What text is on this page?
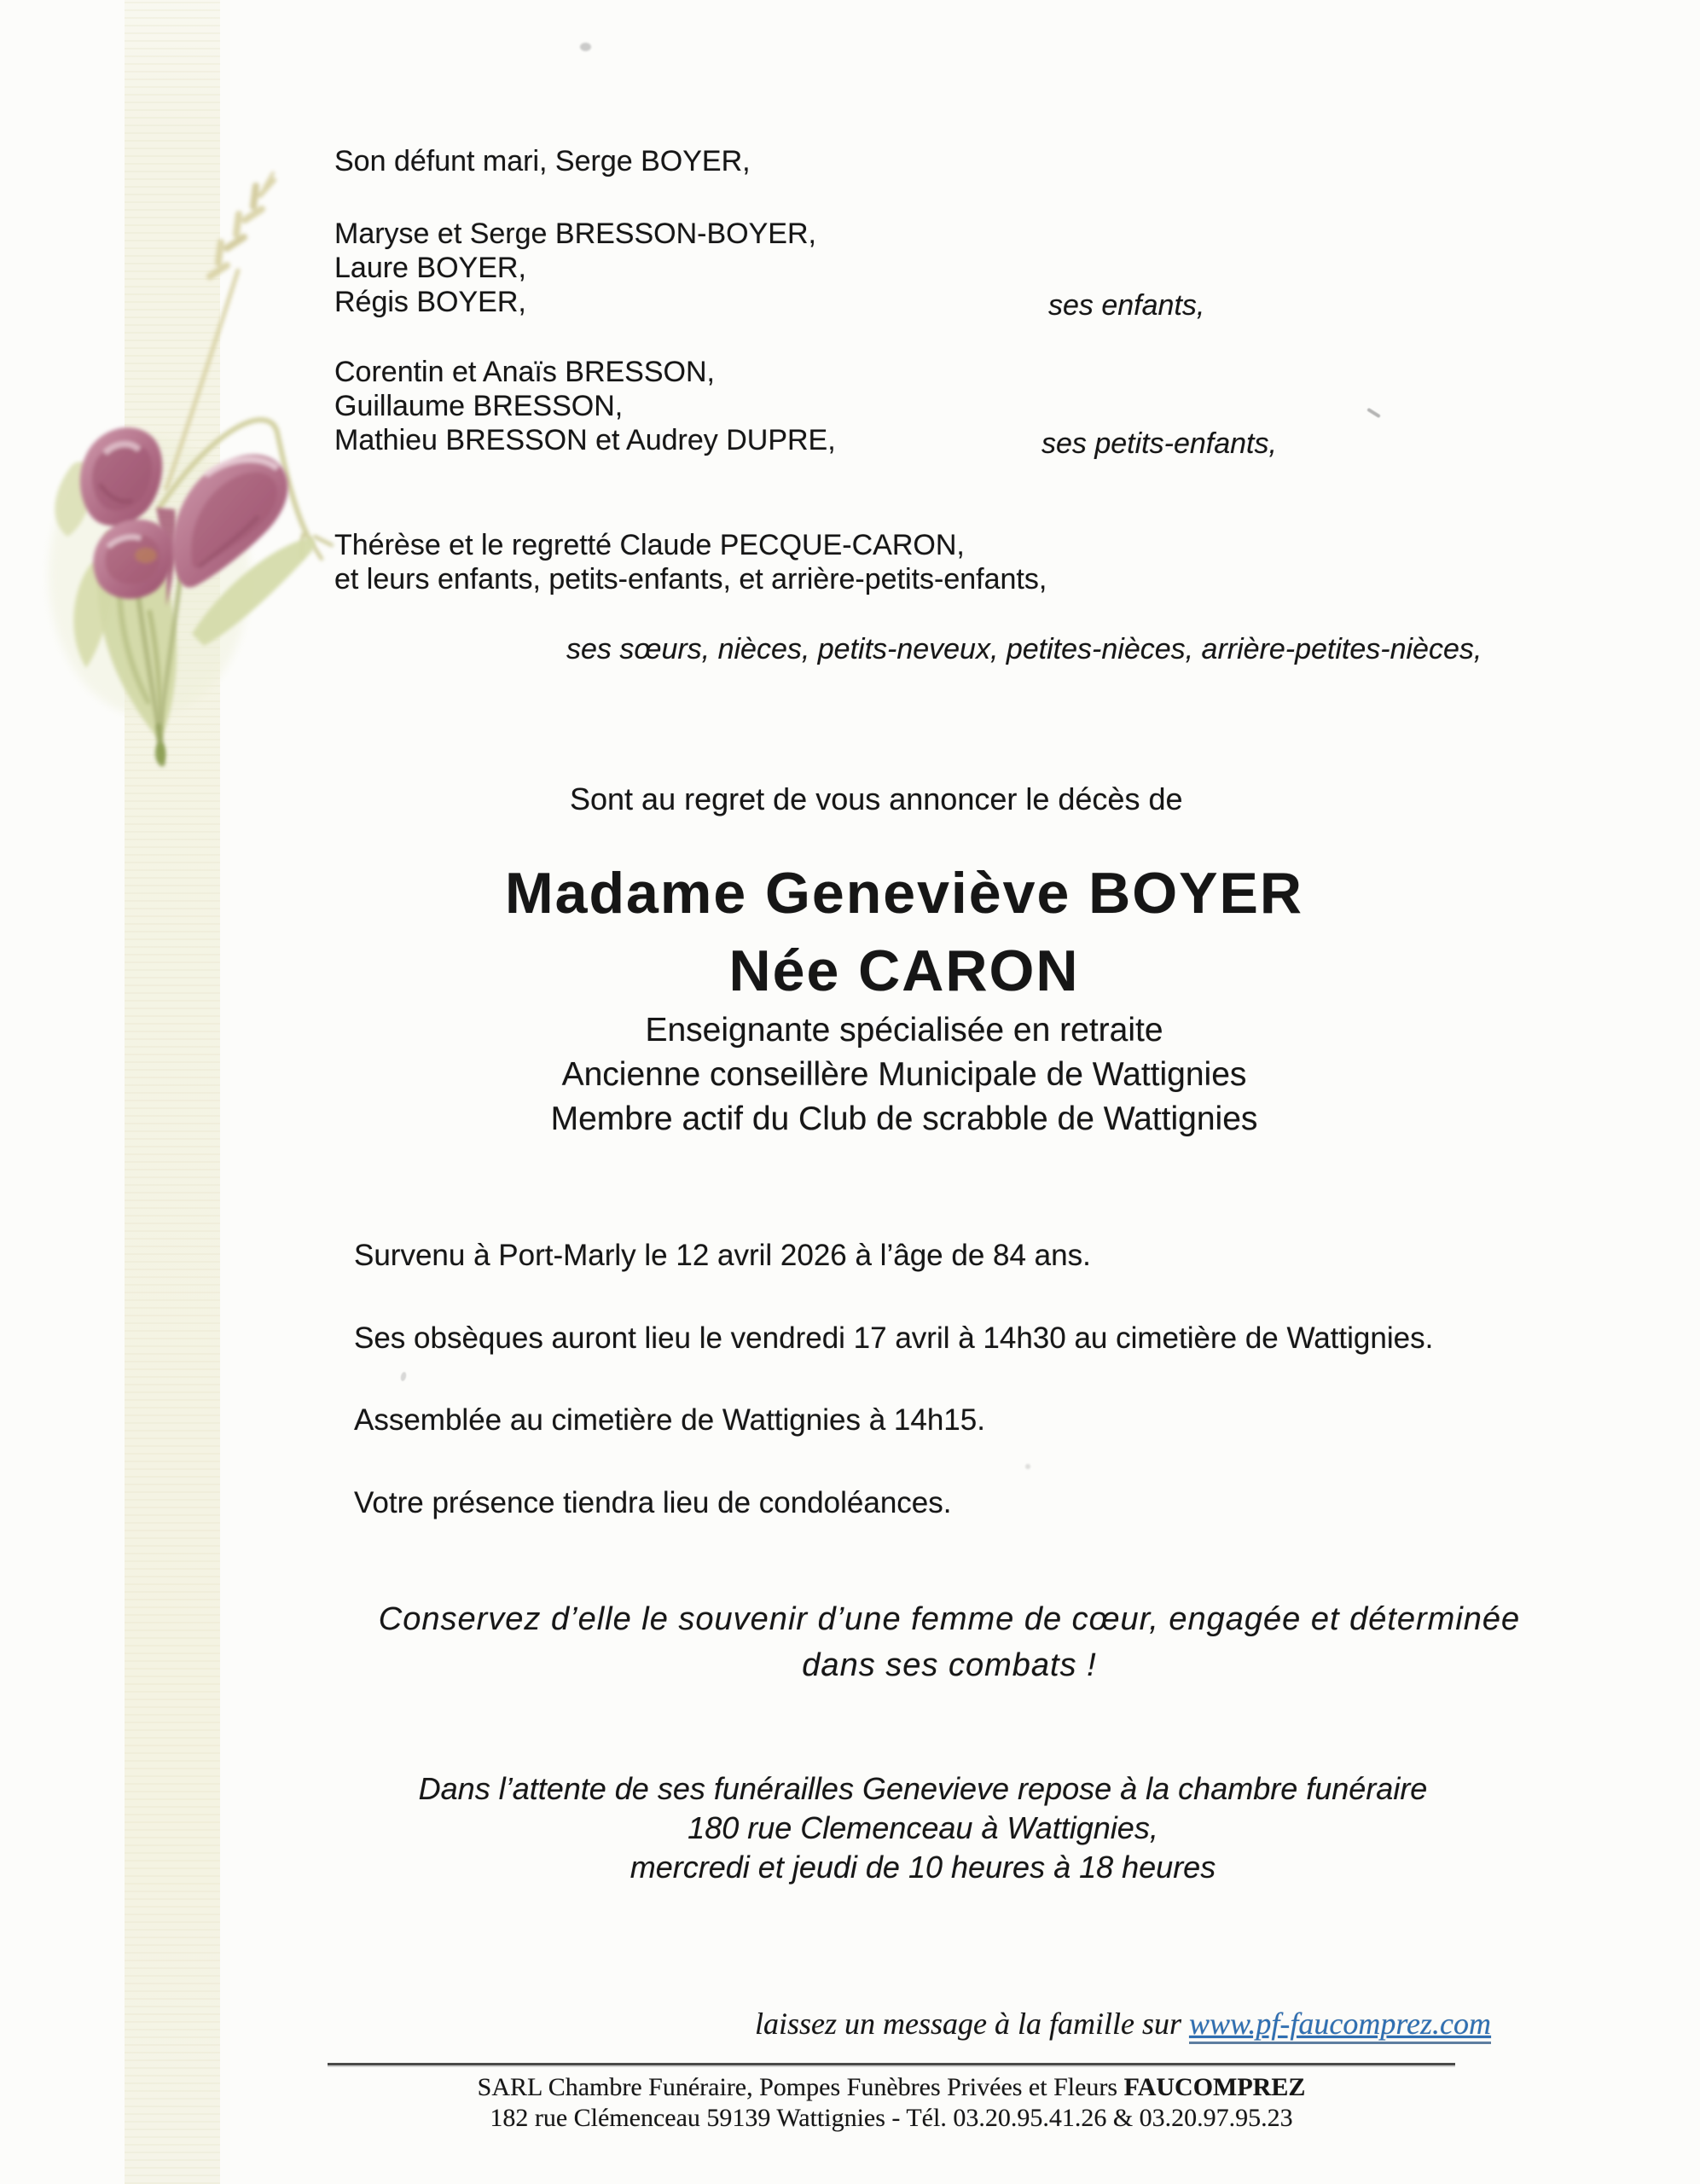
Son défunt mari, Serge BOYER,
Maryse et Serge BRESSON-BOYER,
Laure BOYER,
Régis BOYER,	ses enfants,
Corentin et Anaïs BRESSON,
Guillaume BRESSON,
Mathieu BRESSON et Audrey DUPRE,	ses petits-enfants,
Thérèse et le regretté Claude PECQUE-CARON,
et leurs enfants, petits-enfants, et arrière-petits-enfants,
ses sœurs, nièces, petits-neveux, petites-nièces, arrière-petites-nièces,
Sont au regret de vous annoncer le décès de
Madame Geneviève BOYER
Née CARON
Enseignante spécialisée en retraite
Ancienne conseillère Municipale de Wattignies
Membre actif du Club de scrabble de Wattignies
Survenu à Port-Marly le 12 avril 2026 à l’âge de 84 ans.
Ses obsèques auront lieu le vendredi 17 avril à 14h30 au cimetière de Wattignies.
Assemblée au cimetière de Wattignies à 14h15.
Votre présence tiendra lieu de condoléances.
Conservez d’elle le souvenir d’une femme de cœur, engagée et déterminée
dans ses combats !
Dans l’attente de ses funérailles Genevieve repose à la chambre funéraire
180 rue Clemenceau à Wattignies,
mercredi et jeudi de 10 heures à 18 heures
laissez un message à la famille sur www.pf-faucomprez.com
SARL Chambre Funéraire, Pompes Funèbres Privées et Fleurs FAUCOMPREZ
182 rue Clémenceau 59139 Wattignies - Tél. 03.20.95.41.26 & 03.20.97.95.23
